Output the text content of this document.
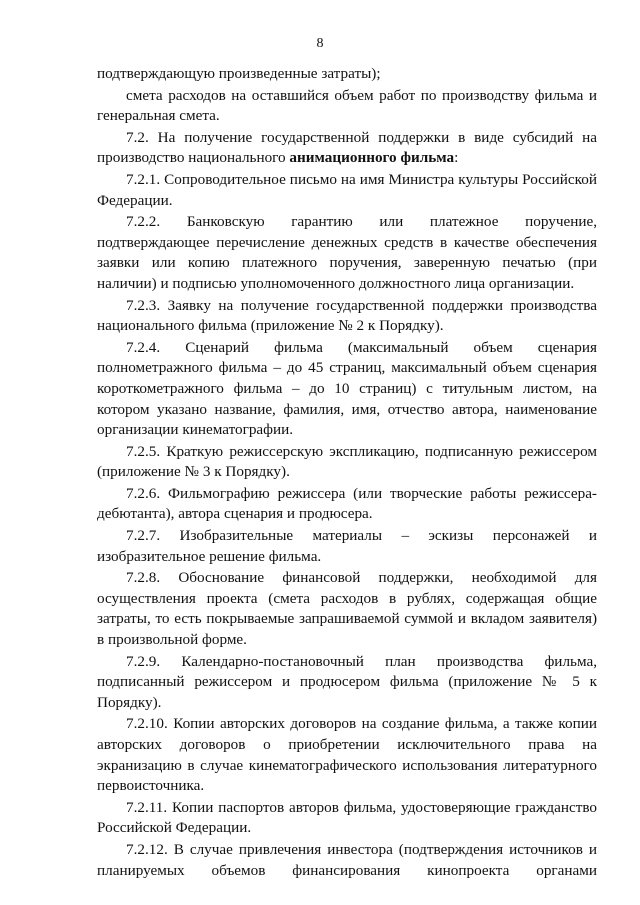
8

подтверждающую произведенные затраты);

смета расходов на оставшийся объем работ по производству фильма и генеральная смета.

7.2. На получение государственной поддержки в виде субсидий на производство национального анимационного фильма:

7.2.1. Сопроводительное письмо на имя Министра культуры Российской Федерации.

7.2.2. Банковскую гарантию или платежное поручение, подтверждающее перечисление денежных средств в качестве обеспечения заявки или копию платежного поручения, заверенную печатью (при наличии) и подписью уполномоченного должностного лица организации.

7.2.3. Заявку на получение государственной поддержки производства национального фильма (приложение № 2 к Порядку).

7.2.4. Сценарий фильма (максимальный объем сценария полнометражного фильма – до 45 страниц, максимальный объем сценария короткометражного фильма – до 10 страниц) с титульным листом, на котором указано название, фамилия, имя, отчество автора, наименование организации кинематографии.

7.2.5. Краткую режиссерскую экспликацию, подписанную режиссером (приложение № 3 к Порядку).

7.2.6. Фильмографию режиссера (или творческие работы режиссера-дебютанта), автора сценария и продюсера.

7.2.7. Изобразительные материалы – эскизы персонажей и изобразительное решение фильма.

7.2.8. Обоснование финансовой поддержки, необходимой для осуществления проекта (смета расходов в рублях, содержащая общие затраты, то есть покрываемые запрашиваемой суммой и вкладом заявителя) в произвольной форме.

7.2.9. Календарно-постановочный план производства фильма, подписанный режиссером и продюсером фильма (приложение № 5 к Порядку).

7.2.10. Копии авторских договоров на создание фильма, а также копии авторских договоров о приобретении исключительного права на экранизацию в случае кинематографического использования литературного первоисточника.

7.2.11. Копии паспортов авторов фильма, удостоверяющие гражданство Российской Федерации.

7.2.12. В случае привлечения инвестора (подтверждения источников и планируемых объемов финансирования кинопроекта органами
